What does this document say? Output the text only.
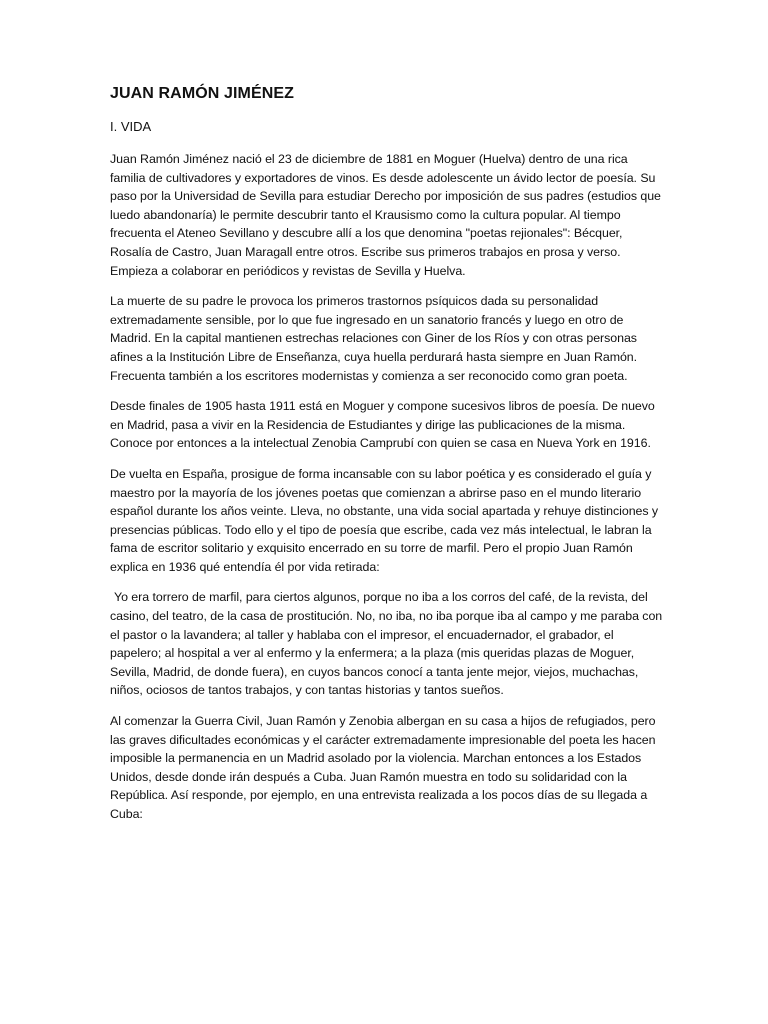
JUAN RAMÓN JIMÉNEZ
I. VIDA

Juan Ramón Jiménez nació el 23 de diciembre de 1881 en Moguer (Huelva) dentro de una rica familia de cultivadores y exportadores de vinos. Es desde adolescente un ávido lector de poesía. Su paso por la Universidad de Sevilla para estudiar Derecho por imposición de sus padres (estudios que luedo abandonaría) le permite descubrir tanto el Krausismo como la cultura popular. Al tiempo frecuenta el Ateneo Sevillano y descubre allí a los que denomina "poetas rejionales": Bécquer, Rosalía de Castro, Juan Maragall entre otros. Escribe sus primeros trabajos en prosa y verso. Empieza a colaborar en periódicos y revistas de Sevilla y Huelva.

La muerte de su padre le provoca los primeros trastornos psíquicos dada su personalidad extremadamente sensible, por lo que fue ingresado en un sanatorio francés y luego en otro de Madrid. En la capital mantienen estrechas relaciones con Giner de los Ríos y con otras personas afines a la Institución Libre de Enseñanza, cuya huella perdurará hasta siempre en Juan Ramón. Frecuenta también a los escritores modernistas y comienza a ser reconocido como gran poeta.

Desde finales de 1905 hasta 1911 está en Moguer y compone sucesivos libros de poesía. De nuevo en Madrid, pasa a vivir en la Residencia de Estudiantes y dirige las publicaciones de la misma. Conoce por entonces a la intelectual Zenobia Camprubí con quien se casa en Nueva York en 1916.

De vuelta en España, prosigue de forma incansable con su labor poética y es considerado el guía y maestro por la mayoría de los jóvenes poetas que comienzan a abrirse paso en el mundo literario español durante los años veinte. Lleva, no obstante, una vida social apartada y rehuye distinciones y presencias públicas. Todo ello y el tipo de poesía que escribe, cada vez más intelectual, le labran la fama de escritor solitario y exquisito encerrado en su torre de marfil. Pero el propio Juan Ramón explica en 1936 qué entendía él por vida retirada:

Yo era torrero de marfil, para ciertos algunos, porque no iba a los corros del café, de la revista, del casino, del teatro, de la casa de prostitución. No, no iba, no iba porque iba al campo y me paraba con el pastor o la lavandera; al taller y hablaba con el impresor, el encuadernador, el grabador, el papelero; al hospital a ver al enfermo y la enfermera; a la plaza (mis queridas plazas de Moguer, Sevilla, Madrid, de donde fuera), en cuyos bancos conocí a tanta jente mejor, viejos, muchachas, niños, ociosos de tantos trabajos, y con tantas historias y tantos sueños.

Al comenzar la Guerra Civil, Juan Ramón y Zenobia albergan en su casa a hijos de refugiados, pero las graves dificultades económicas y el carácter extremadamente impresionable del poeta les hacen imposible la permanencia en un Madrid asolado por la violencia. Marchan entonces a los Estados Unidos, desde donde irán después a Cuba. Juan Ramón muestra en todo su solidaridad con la República. Así responde, por ejemplo, en una entrevista realizada a los pocos días de su llegada a Cuba:
